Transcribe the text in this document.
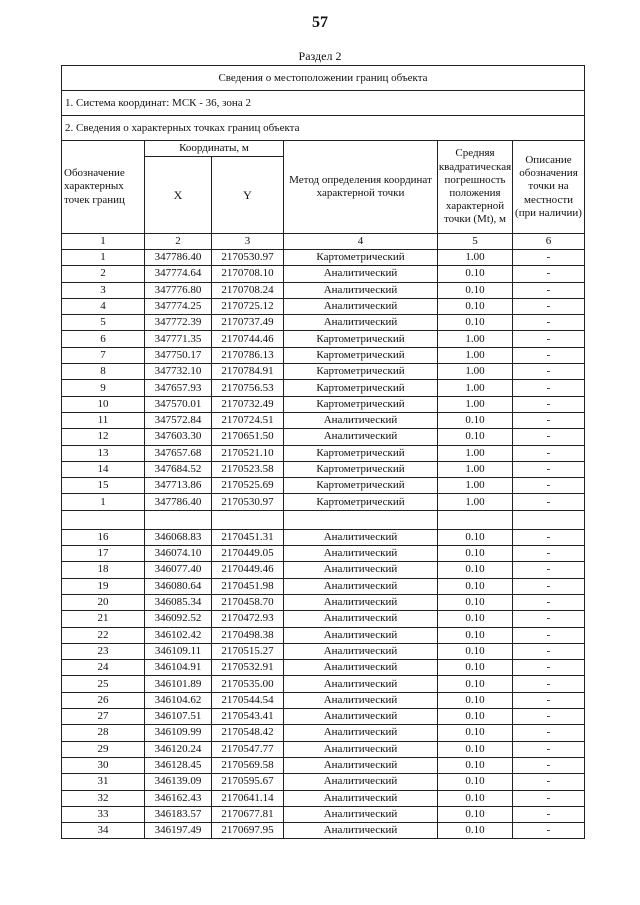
57
Раздел 2
Сведения о местоположении границ объекта					
1. Система координат: МСК - 36, зона 2					
2. Сведения о характерных точках границ объекта					
Обозначение характерных точек границ	Координаты, м		Метод определения координат характерной точки	Средняя квадратическая погрешность положения характерной точки (Mt), м	Описание обозначения точки на местности (при наличии)
	X	Y			
1	2	3	4	5	6
1	347786.40	2170530.97	Картометрический	1.00	-
2	347774.64	2170708.10	Аналитический	0.10	-
3	347776.80	2170708.24	Аналитический	0.10	-
4	347774.25	2170725.12	Аналитический	0.10	-
5	347772.39	2170737.49	Аналитический	0.10	-
6	347771.35	2170744.46	Картометрический	1.00	-
7	347750.17	2170786.13	Картометрический	1.00	-
8	347732.10	2170784.91	Картометрический	1.00	-
9	347657.93	2170756.53	Картометрический	1.00	-
10	347570.01	2170732.49	Картометрический	1.00	-
11	347572.84	2170724.51	Аналитический	0.10	-
12	347603.30	2170651.50	Аналитический	0.10	-
13	347657.68	2170521.10	Картометрический	1.00	-
14	347684.52	2170523.58	Картометрический	1.00	-
15	347713.86	2170525.69	Картометрический	1.00	-
1	347786.40	2170530.97	Картометрический	1.00	-

16	346068.83	2170451.31	Аналитический	0.10	-
17	346074.10	2170449.05	Аналитический	0.10	-
18	346077.40	2170449.46	Аналитический	0.10	-
19	346080.64	2170451.98	Аналитический	0.10	-
20	346085.34	2170458.70	Аналитический	0.10	-
21	346092.52	2170472.93	Аналитический	0.10	-
22	346102.42	2170498.38	Аналитический	0.10	-
23	346109.11	2170515.27	Аналитический	0.10	-
24	346104.91	2170532.91	Аналитический	0.10	-
25	346101.89	2170535.00	Аналитический	0.10	-
26	346104.62	2170544.54	Аналитический	0.10	-
27	346107.51	2170543.41	Аналитический	0.10	-
28	346109.99	2170548.42	Аналитический	0.10	-
29	346120.24	2170547.77	Аналитический	0.10	-
30	346128.45	2170569.58	Аналитический	0.10	-
31	346139.09	2170595.67	Аналитический	0.10	-
32	346162.43	2170641.14	Аналитический	0.10	-
33	346183.57	2170677.81	Аналитический	0.10	-
34	346197.49	2170697.95	Аналитический	0.10	-
